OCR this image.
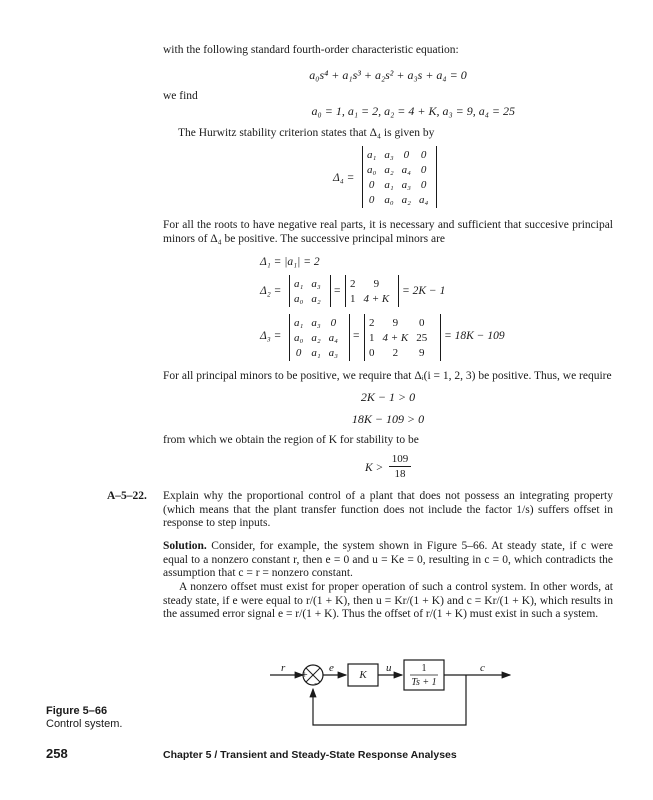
with the following standard fourth-order characteristic equation:
a₀s⁴ + a₁s³ + a₂s² + a₃s + a₄ = 0
we find
a₀ = 1, a₁ = 2, a₂ = 4 + K, a₃ = 9, a₄ = 25
The Hurwitz stability criterion states that Δ₄ is given by
Δ₄ =
a₁	a₃	0	0
a₀	a₂	a₄	0
0	a₁	a₃	0
0	a₀	a₂	a₄
For all the roots to have negative real parts, it is necessary and sufficient that succesive principal minors of Δ₄ be positive. The successive principal minors are
Δ₁ = |a₁| = 2
Δ₂ =
a₁	a₃
a₀	a₂
=
2	9
1	4 + K
= 2K − 1
Δ₃ =
a₁	a₃	0
a₀	a₂	a₄
0	a₁	a₃
=
2	9	0
1	4 + K	25
0	2	9
= 18K − 109
For all principal minors to be positive, we require that Δᵢ(i = 1, 2, 3) be positive. Thus, we require
2K − 1 > 0
18K − 109 > 0
from which we obtain the region of K for stability to be
K >
109
18
A–5–22. Explain why the proportional control of a plant that does not possess an integrating property (which means that the plant transfer function does not include the factor 1/s) suffers offset in response to step inputs.
Solution. Consider, for example, the system shown in Figure 5–66. At steady state, if c were equal to a nonzero constant r, then e = 0 and u = Ke = 0, resulting in c = 0, which contradicts the assumption that c = r = nonzero constant.
A nonzero offset must exist for proper operation of such a control system. In other words, at steady state, if e were equal to r/(1 + K), then u = Kr/(1 + K) and c = Kr/(1 + K), which results in the assumed error signal e = r/(1 + K). Thus the offset of r/(1 + K) must exist in such a system.
r	e	u	c
+
−
K
1
Ts + 1
Figure 5–66
Control system.
258	Chapter 5 / Transient and Steady-State Response Analyses
